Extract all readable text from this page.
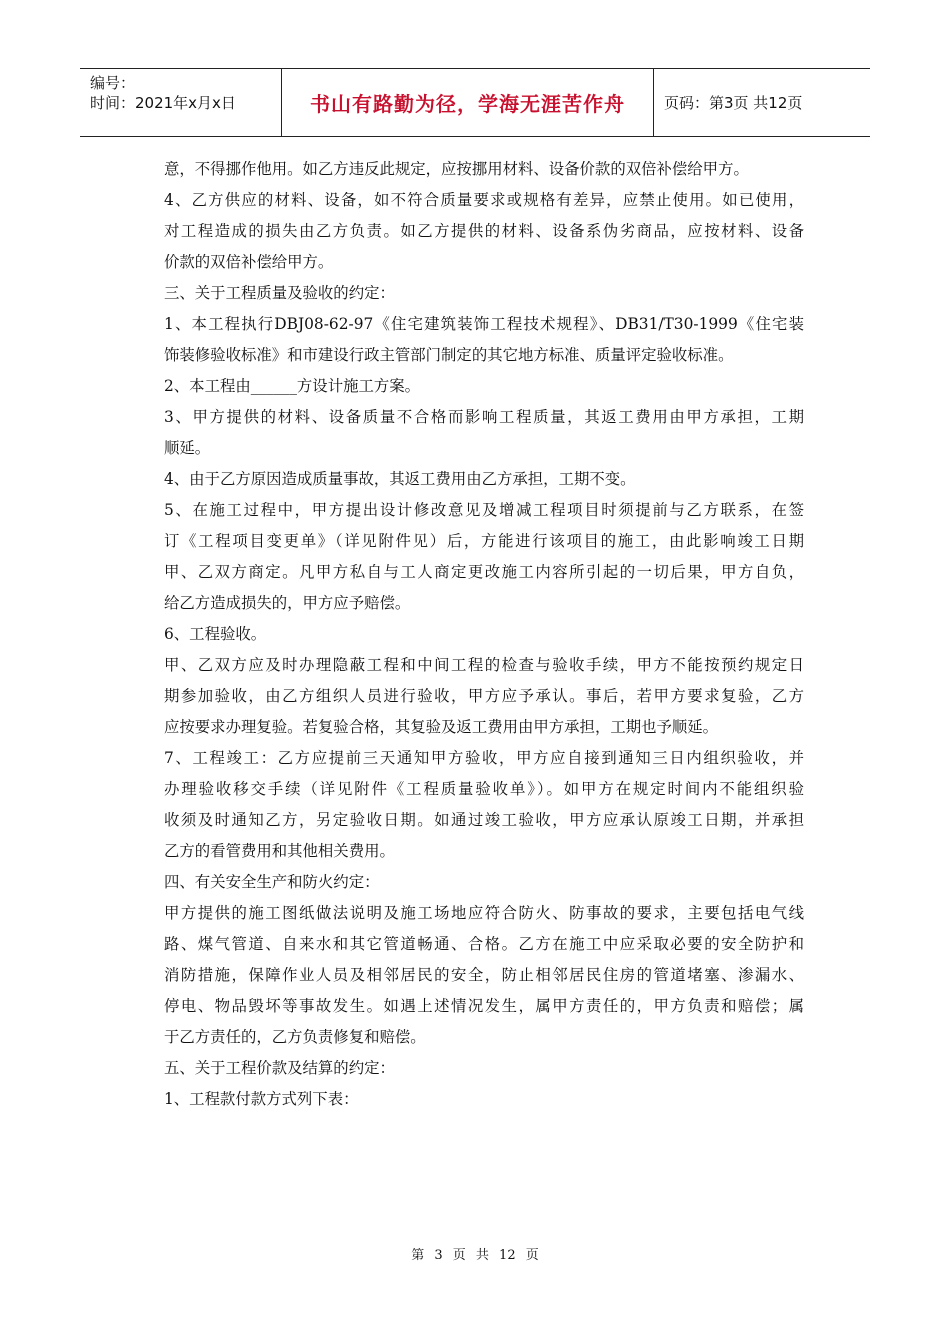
编号：
时间：2021年x月x日	书山有路勤为径，学海无涯苦作舟	页码：第3页 共12页
意，不得挪作他用。如乙方违反此规定，应按挪用材料、设备价款的双倍补偿给甲方。
4、乙方供应的材料、设备，如不符合质量要求或规格有差异，应禁止使用。如已使用，
对工程造成的损失由乙方负责。如乙方提供的材料、设备系伪劣商品，应按材料、设备
价款的双倍补偿给甲方。
三、关于工程质量及验收的约定：
1、本工程执行DBJ08-62-97《住宅建筑装饰工程技术规程》、DB31/T30-1999《住宅装
饰装修验收标准》和市建设行政主管部门制定的其它地方标准、质量评定验收标准。
2、本工程由______方设计施工方案。
3、甲方提供的材料、设备质量不合格而影响工程质量，其返工费用由甲方承担，工期
顺延。
4、由于乙方原因造成质量事故，其返工费用由乙方承担，工期不变。
5、在施工过程中，甲方提出设计修改意见及增减工程项目时须提前与乙方联系，在签
订《工程项目变更单》（详见附件见）后，方能进行该项目的施工，由此影响竣工日期
甲、乙双方商定。凡甲方私自与工人商定更改施工内容所引起的一切后果，甲方自负，
给乙方造成损失的，甲方应予赔偿。
6、工程验收。
甲、乙双方应及时办理隐蔽工程和中间工程的检查与验收手续，甲方不能按预约规定日
期参加验收，由乙方组织人员进行验收，甲方应予承认。事后，若甲方要求复验，乙方
应按要求办理复验。若复验合格，其复验及返工费用由甲方承担，工期也予顺延。
7、工程竣工：乙方应提前三天通知甲方验收，甲方应自接到通知三日内组织验收，并
办理验收移交手续（详见附件《工程质量验收单》）。如甲方在规定时间内不能组织验
收须及时通知乙方，另定验收日期。如通过竣工验收，甲方应承认原竣工日期，并承担
乙方的看管费用和其他相关费用。
四、有关安全生产和防火约定：
甲方提供的施工图纸做法说明及施工场地应符合防火、防事故的要求，主要包括电气线
路、煤气管道、自来水和其它管道畅通、合格。乙方在施工中应采取必要的安全防护和
消防措施，保障作业人员及相邻居民的安全，防止相邻居民住房的管道堵塞、渗漏水、
停电、物品毁坏等事故发生。如遇上述情况发生，属甲方责任的，甲方负责和赔偿；属
于乙方责任的，乙方负责修复和赔偿。
五、关于工程价款及结算的约定：
1、工程款付款方式列下表：
第 3 页 共 12 页
